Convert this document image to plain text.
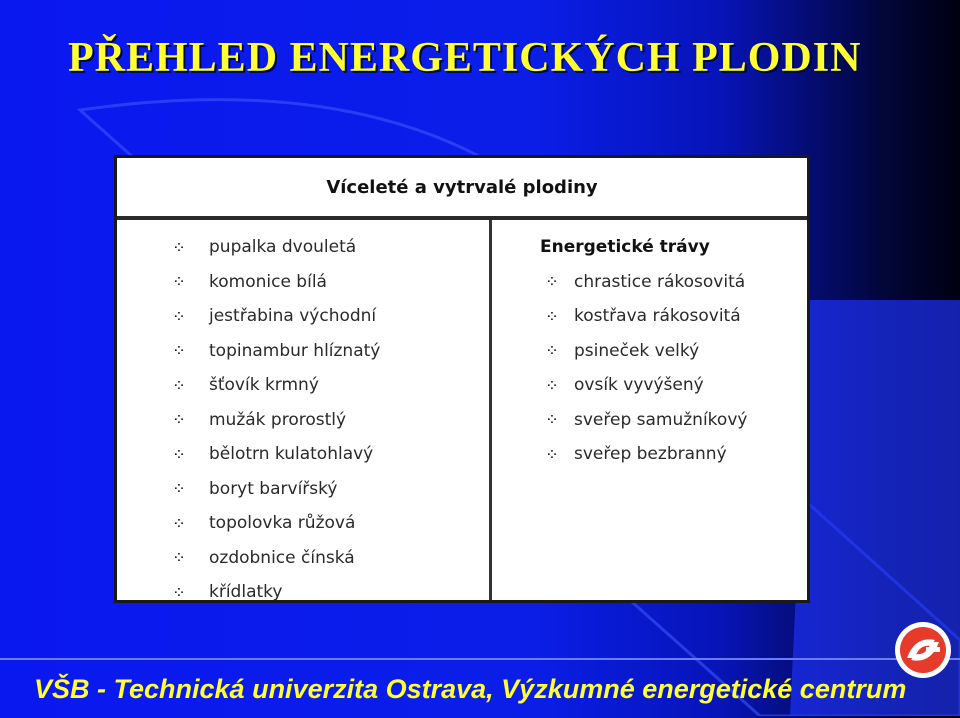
PŘEHLED ENERGETICKÝCH PLODIN
Víceleté a vytrvalé plodiny
⁘	pupalka dvouletá
⁘	komonice bílá
⁘	jestřabina východní
⁘	topinambur hlíznatý
⁘	šťovík krmný
⁘	mužák prorostlý
⁘	bělotrn kulatohlavý
⁘	boryt barvířský
⁘	topolovka růžová
⁘	ozdobnice čínská
⁘	křídlatky
Energetické trávy
⁘ chrastice rákosovitá
⁘ kostřava rákosovitá
⁘ psineček velký
⁘ ovsík vyvýšený
⁘ sveřep samužníkový
⁘ sveřep bezbranný
VŠB - Technická univerzita Ostrava, Výzkumné energetické centrum
